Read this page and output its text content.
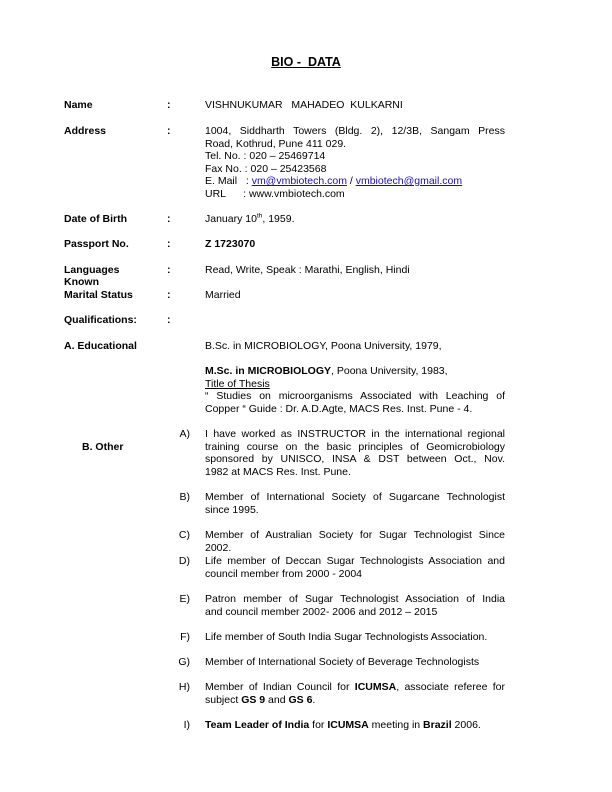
BIO -  DATA
Name	:	VISHNUKUMAR   MAHADEO  KULKARNI
Address	:	1004, Siddharth Towers (Bldg. 2), 12/3B, Sangam Press
Road, Kothrud, Pune 411 029.
Tel. No. : 020 – 25469714
Fax No. : 020 – 25423568
E. Mail   : vm@vmbiotech.com / vmbiotech@gmail.com
URL      : www.vmbiotech.com
Date of Birth	:	January 10th, 1959.
Passport No.	:	Z 1723070
Languages
Known
:	Read, Write, Speak : Marathi, English, Hindi
Marital Status	:	Married
Qualifications:	:
A. Educational	B.Sc. in MICROBIOLOGY, Poona University, 1979,
M.Sc. in MICROBIOLOGY, Poona University, 1983,
Title of Thesis
“ Studies on microorganisms Associated with Leaching of
Copper “ Guide : Dr. A.D.Agte, MACS Res. Inst. Pune - 4.
B. Other
A) I have worked as INSTRUCTOR in the international regional
training course on the basic principles of Geomicrobiology
sponsored by UNISCO, INSA & DST between Oct., Nov.
1982 at MACS Res. Inst. Pune.
B) Member of International Society of Sugarcane Technologist
since 1995.
C) Member of Australian Society for Sugar Technologist Since
2002.
D) Life member of Deccan Sugar Technologists Association and
council member from 2000 - 2004
E) Patron member of Sugar Technologist Association of India
and council member 2002- 2006 and 2012 – 2015
F) Life member of South India Sugar Technologists Association.
G) Member of International Society of Beverage Technologists
H) Member of Indian Council for ICUMSA, associate referee for
subject GS 9 and GS 6.
I) Team Leader of India for ICUMSA meeting in Brazil 2006.
